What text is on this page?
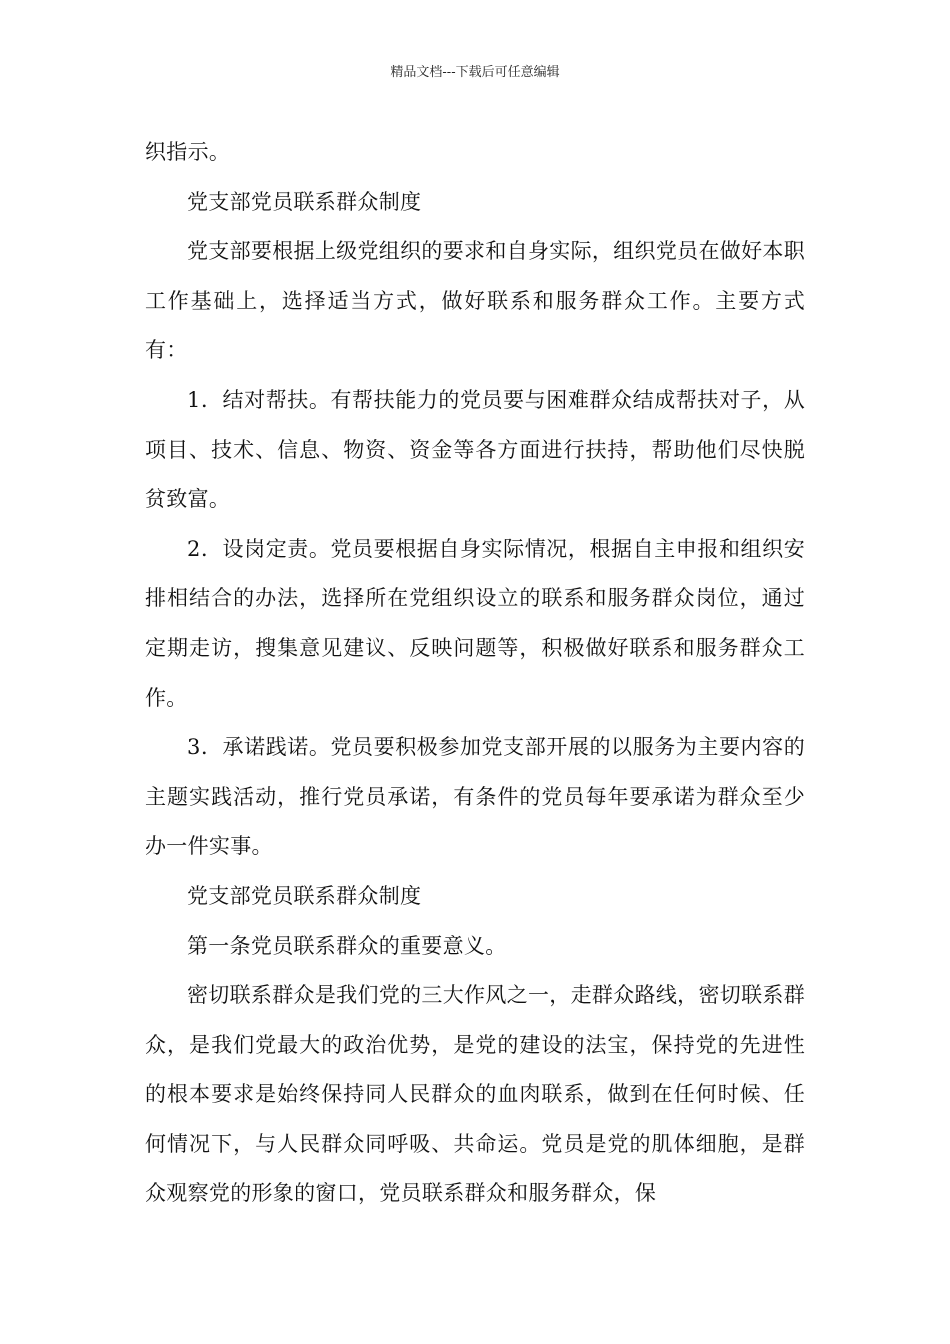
精品文档---下载后可任意编辑

织指示。

党支部党员联系群众制度

党支部要根据上级党组织的要求和自身实际，组织党员在做好本职工作基础上，选择适当方式，做好联系和服务群众工作。主要方式有：

1．结对帮扶。有帮扶能力的党员要与困难群众结成帮扶对子，从项目、技术、信息、物资、资金等各方面进行扶持，帮助他们尽快脱贫致富。

2．设岗定责。党员要根据自身实际情况，根据自主申报和组织安排相结合的办法，选择所在党组织设立的联系和服务群众岗位，通过定期走访，搜集意见建议、反映问题等，积极做好联系和服务群众工作。

3．承诺践诺。党员要积极参加党支部开展的以服务为主要内容的主题实践活动，推行党员承诺，有条件的党员每年要承诺为群众至少办一件实事。

党支部党员联系群众制度

第一条党员联系群众的重要意义。

密切联系群众是我们党的三大作风之一，走群众路线，密切联系群众，是我们党最大的政治优势，是党的建设的法宝，保持党的先进性的根本要求是始终保持同人民群众的血肉联系，做到在任何时候、任何情况下，与人民群众同呼吸、共命运。党员是党的肌体细胞，是群众观察党的形象的窗口，党员联系群众和服务群众，保
